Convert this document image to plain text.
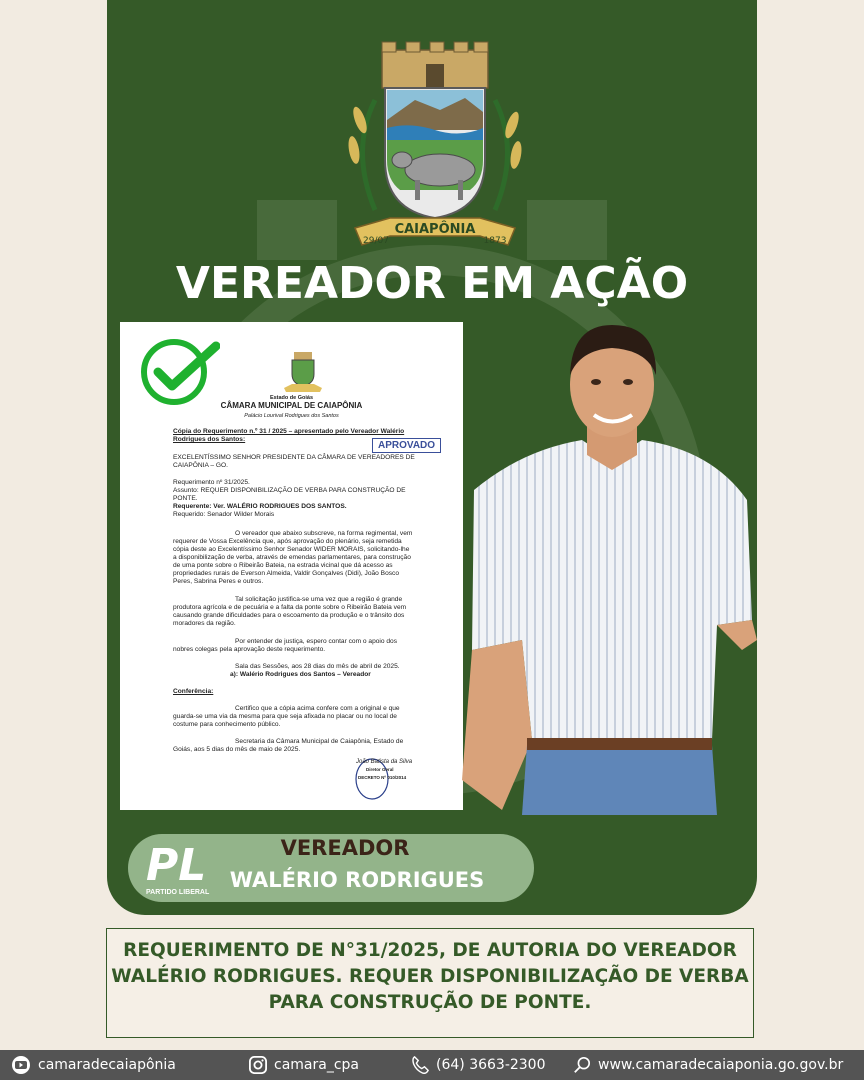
CAIAPÔNIA
29/07	1873
VEREADOR EM AÇÃO
Estado de Goiás
CÂMARA MUNICIPAL DE CAIAPÔNIA
Palácio Lourival Rodrigues dos Santos
Cópia do Requerimento n.º 31 / 2025 – apresentado pelo Vereador Walério
Rodrigues dos Santos:
APROVADO
EXCELENTÍSSIMO SENHOR PRESIDENTE DA CÂMARA DE VEREADORES DE
CAIAPÔNIA – GO.
Requerimento nº 31/2025.
Assunto: REQUER DISPONIBILIZAÇÃO DE VERBA PARA CONSTRUÇÃO DE
PONTE.
Requerente: Ver. WALÉRIO RODRIGUES DOS SANTOS.
Requerido: Senador Wilder Morais
O vereador que abaixo subscreve, na forma regimental, vem
requerer de Vossa Excelência que, após aprovação do plenário, seja remetida
cópia deste ao Excelentíssimo Senhor Senador WIDER MORAIS, solicitando-lhe
a disponibilização de verba, através de emendas parlamentares, para construção
de uma ponte sobre o Ribeirão Bateia, na estrada vicinal que dá acesso as
propriedades rurais de Everson Almeida, Valdir Gonçalves (Didi), João Bosco
Peres, Sabrina Peres e outros.
Tal solicitação justifica-se uma vez que a região é grande
produtora agrícola e de pecuária e a falta da ponte sobre o Ribeirão Bateia vem
causando grande dificuldades para o escoamento da produção e o trânsito dos
moradores da região.
Por entender de justiça, espero contar com o apoio dos
nobres colegas pela aprovação deste requerimento.
Sala das Sessões, aos 28 dias do mês de abril de 2025.
a): Walério Rodrigues dos Santos – Vereador
Conferência:
Certifico que a cópia acima confere com a original e que
guarda-se uma via da mesma para que seja afixada no placar ou no local de
costume para conhecimento público.
Secretaria da Câmara Municipal de Caiapônia, Estado de
Goiás, aos 5 dias do mês de maio de 2025.
João Batista da Silva
Diretor Geral
DECRETO Nº 010/2014
PL
PARTIDO LIBERAL
VEREADOR
WALÉRIO RODRIGUES
REQUERIMENTO DE N°31/2025, DE AUTORIA DO VEREADOR
WALÉRIO RODRIGUES. REQUER DISPONIBILIZAÇÃO DE VERBA
PARA CONSTRUÇÃO DE PONTE.
camaradecaiapônia	camara_cpa	(64) 3663-2300	www.camaradecaiaponia.go.gov.br
